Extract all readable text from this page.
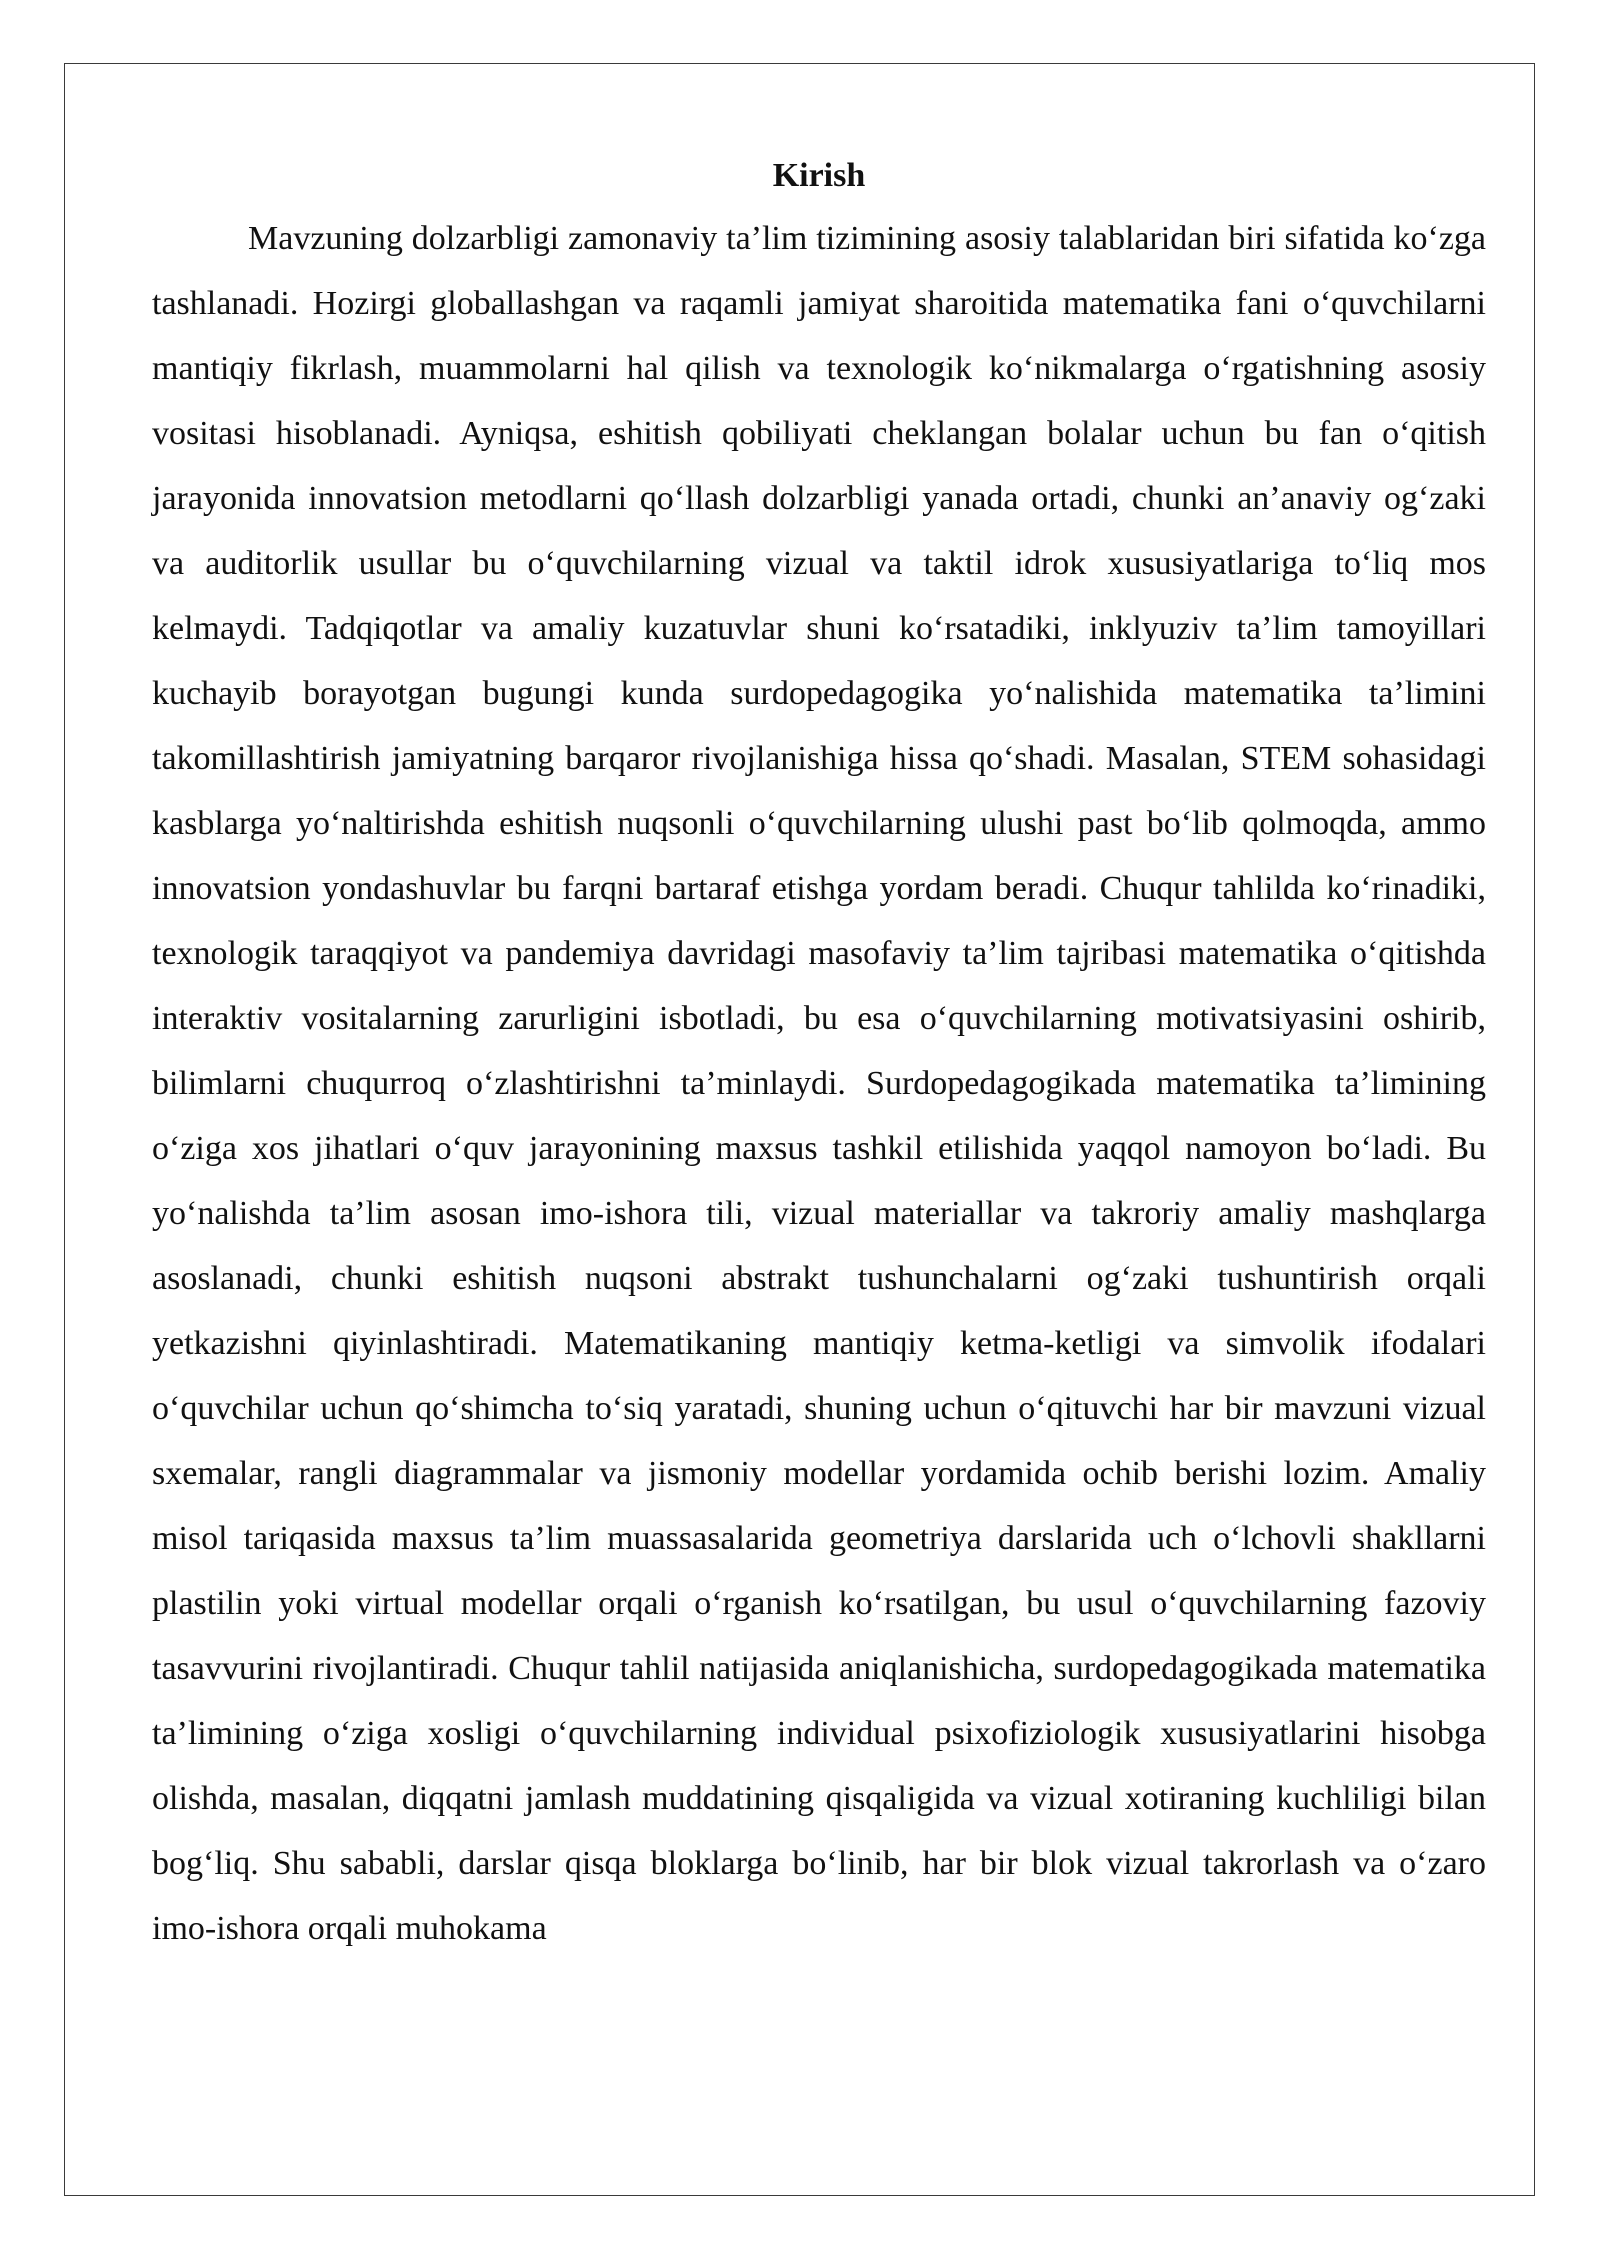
Kirish

Mavzuning dolzarbligi zamonaviy ta’lim tizimining asosiy talablaridan biri sifatida ko‘zga tashlanadi. Hozirgi globallashgan va raqamli jamiyat sharoitida matematika fani o‘quvchilarni mantiqiy fikrlash, muammolarni hal qilish va texnologik ko‘nikmalarga o‘rgatishning asosiy vositasi hisoblanadi. Ayniqsa, eshitish qobiliyati cheklangan bolalar uchun bu fan o‘qitish jarayonida innovatsion metodlarni qo‘llash dolzarbligi yanada ortadi, chunki an’anaviy og‘zaki va auditorlik usullar bu o‘quvchilarning vizual va taktil idrok xususiyatlariga to‘liq mos kelmaydi. Tadqiqotlar va amaliy kuzatuvlar shuni ko‘rsatadiki, inklyuziv ta’lim tamoyillari kuchayib borayotgan bugungi kunda surdopedagogika yo‘nalishida matematika ta’limini takomillashtirish jamiyatning barqaror rivojlanishiga hissa qo‘shadi. Masalan, STEM sohasidagi kasblarga yo‘naltirishda eshitish nuqsonli o‘quvchilarning ulushi past bo‘lib qolmoqda, ammo innovatsion yondashuvlar bu farqni bartaraf etishga yordam beradi. Chuqur tahlilda ko‘rinadiki, texnologik taraqqiyot va pandemiya davridagi masofaviy ta’lim tajribasi matematika o‘qitishda interaktiv vositalarning zarurligini isbotladi, bu esa o‘quvchilarning motivatsiyasini oshirib, bilimlarni chuqurroq o‘zlashtirishni ta’minlaydi. Surdopedagogikada matematika ta’limining o‘ziga xos jihatlari o‘quv jarayonining maxsus tashkil etilishida yaqqol namoyon bo‘ladi. Bu yo‘nalishda ta’lim asosan imo-ishora tili, vizual materiallar va takroriy amaliy mashqlarga asoslanadi, chunki eshitish nuqsoni abstrakt tushunchalarni og‘zaki tushuntirish orqali yetkazishni qiyinlashtiradi. Matematikaning mantiqiy ketma-ketligi va simvolik ifodalari o‘quvchilar uchun qo‘shimcha to‘siq yaratadi, shuning uchun o‘qituvchi har bir mavzuni vizual sxemalar, rangli diagrammalar va jismoniy modellar yordamida ochib berishi lozim. Amaliy misol tariqasida maxsus ta’lim muassasalarida geometriya darslarida uch o‘lchovli shakllarni plastilin yoki virtual modellar orqali o‘rganish ko‘rsatilgan, bu usul o‘quvchilarning fazoviy tasavvurini rivojlantiradi. Chuqur tahlil natijasida aniqlanishicha, surdopedagogikada matematika ta’limining o‘ziga xosligi o‘quvchilarning individual psixofiziologik xususiyatlarini hisobga olishda, masalan, diqqatni jamlash muddatining qisqaligida va vizual xotiraning kuchliligi bilan bog‘liq. Shu sababli, darslar qisqa bloklarga bo‘linib, har bir blok vizual takrorlash va o‘zaro imo-ishora orqali muhokama
